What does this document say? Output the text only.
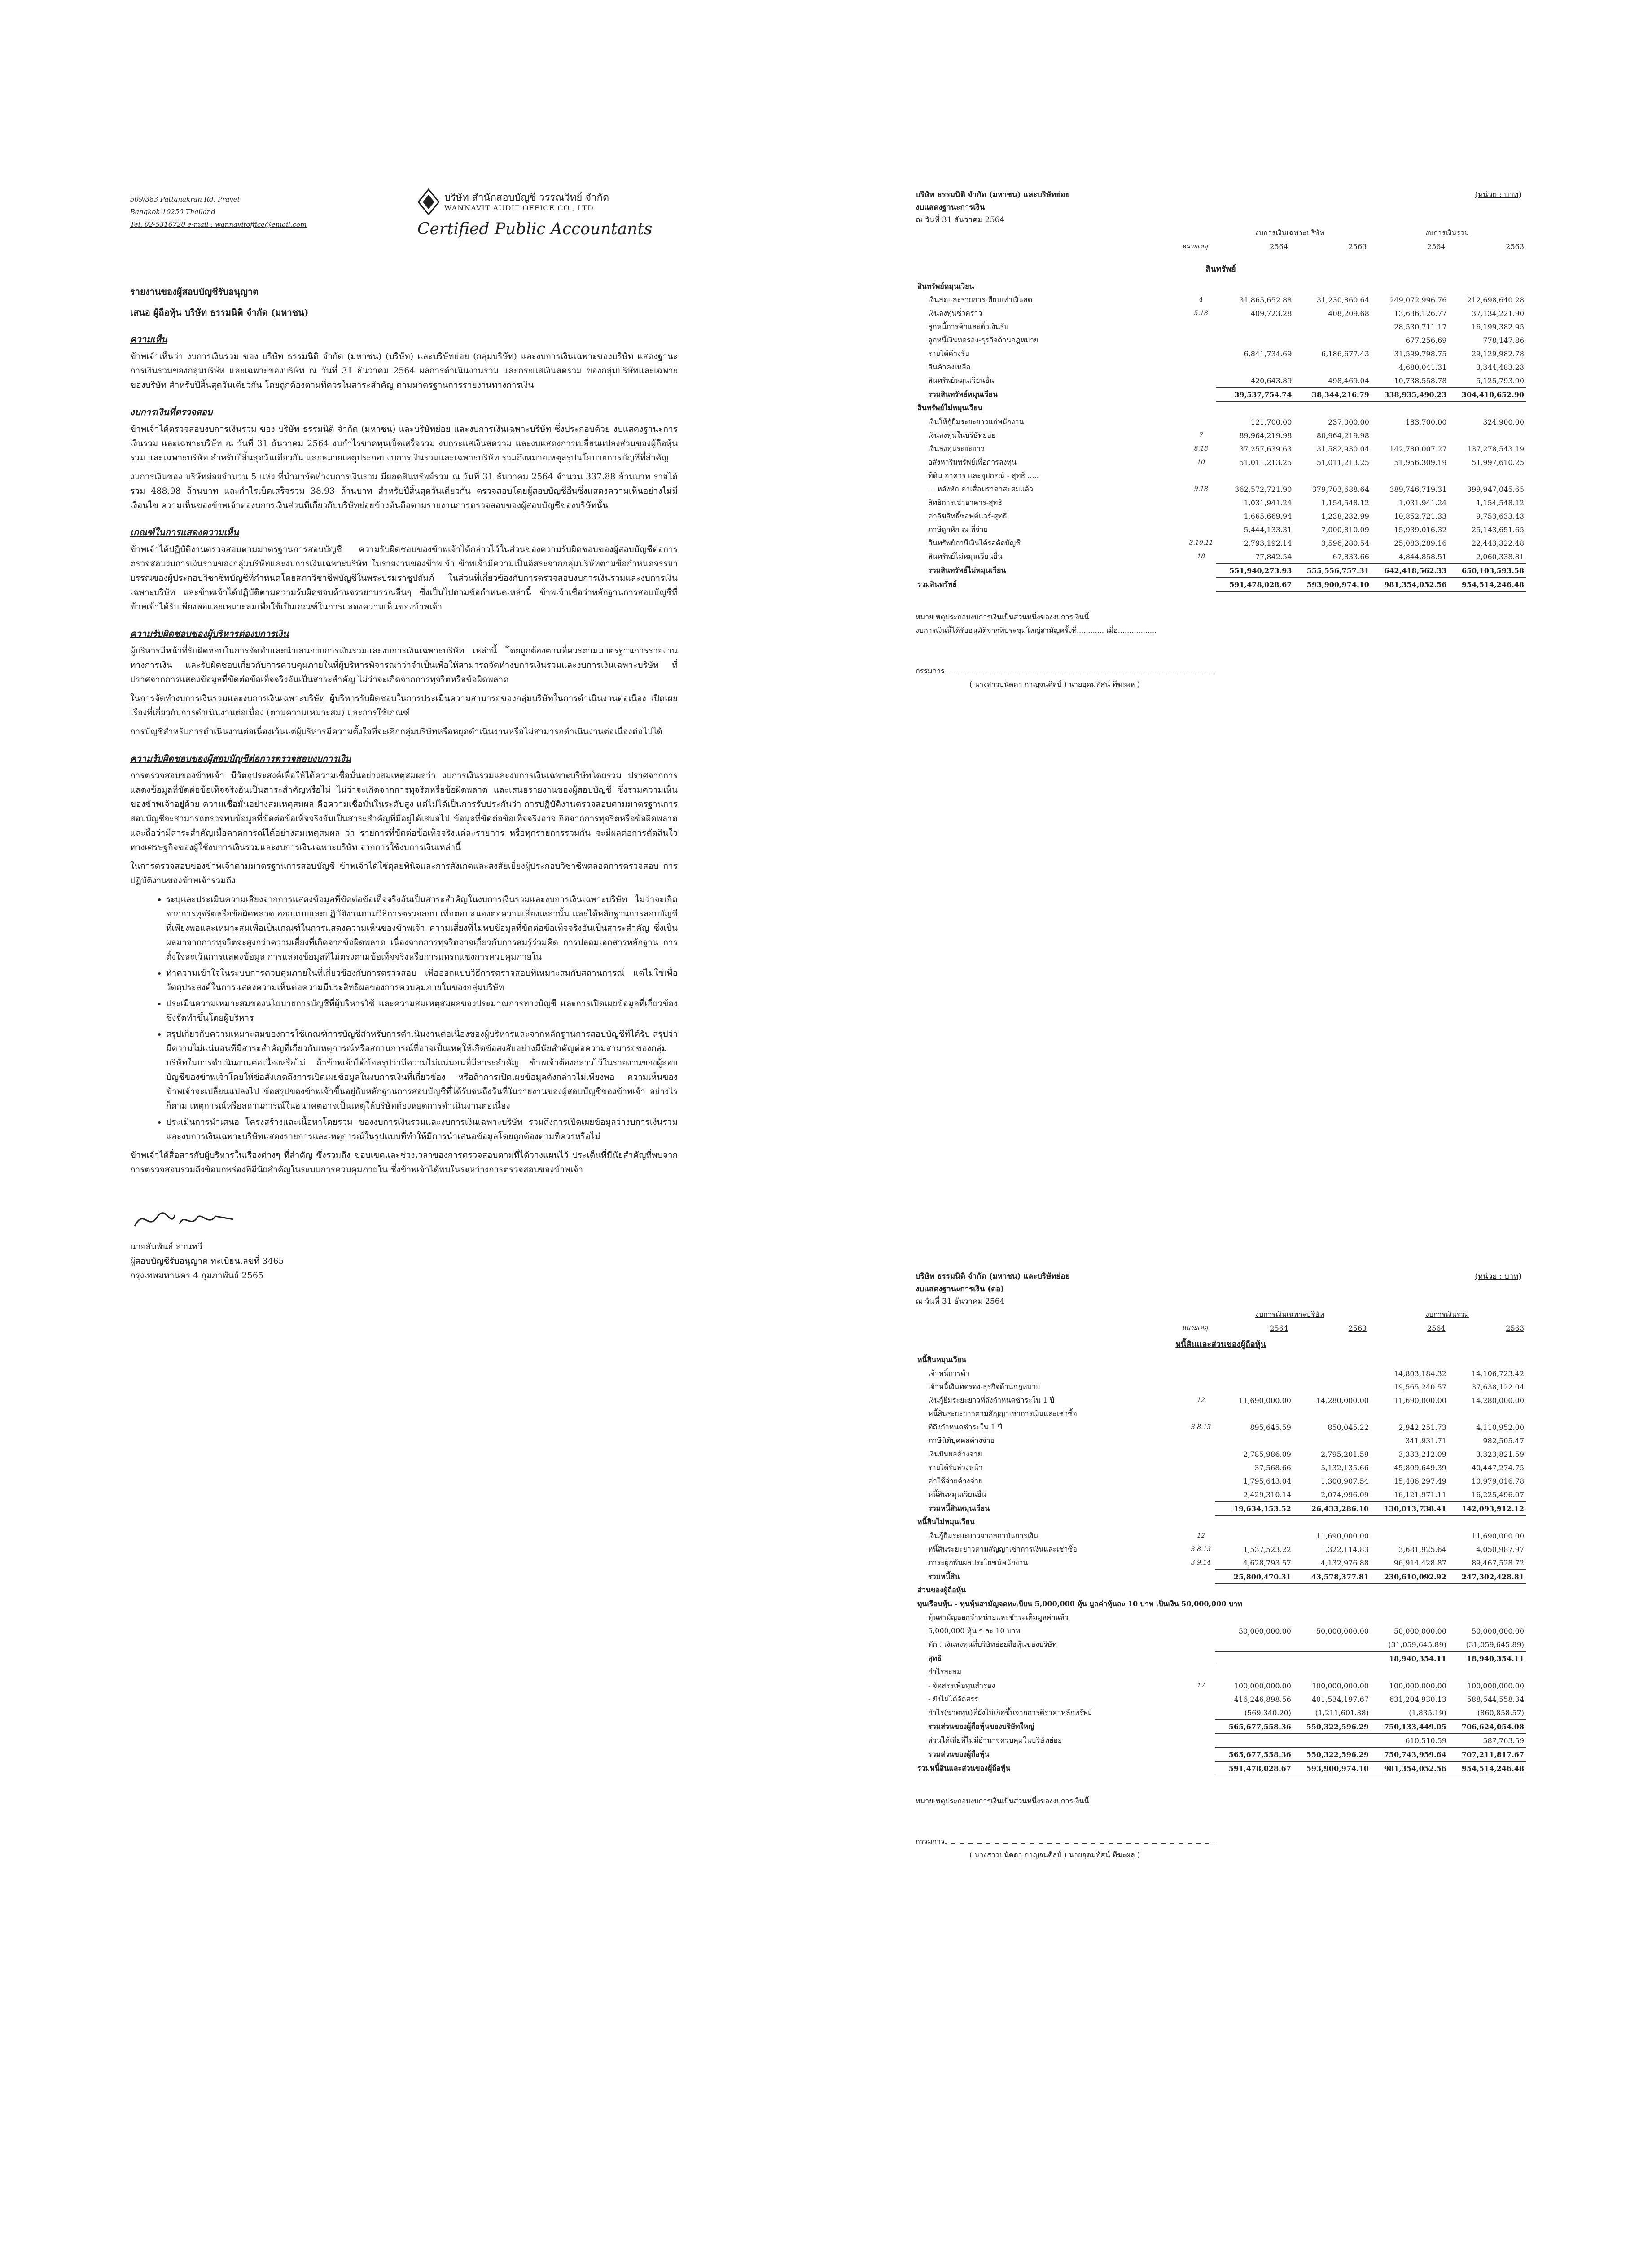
509/383 Pattanakran Rd. Pravet
Bangkok 10250 Thailand
Tel. 02-5316720 e-mail : wannavitoffice@email.com
บริษัท สำนักสอบบัญชี วรรณวิทย์ จำกัด
WANNAVIT AUDIT OFFICE CO., LTD.
Certified Public Accountants
รายงานของผู้สอบบัญชีรับอนุญาต
เสนอ ผู้ถือหุ้น บริษัท ธรรมนิติ จำกัด (มหาชน)
ความเห็น

ข้าพเจ้าเห็นว่า งบการเงินรวม ของ บริษัท ธรรมนิติ จำกัด (มหาชน) (บริษัท) และบริษัทย่อย (กลุ่มบริษัท) และงบการเงินเฉพาะของบริษัท แสดงฐานะการเงินรวมของกลุ่มบริษัท และเฉพาะของบริษัท ณ วันที่ 31 ธันวาคม 2564 ผลการดำเนินงานรวม และกระแสเงินสดรวม ของกลุ่มบริษัทและเฉพาะของบริษัท สำหรับปีสิ้นสุดวันเดียวกัน โดยถูกต้องตามที่ควรในสาระสำคัญ ตามมาตรฐานการรายงานทางการเงิน

งบการเงินที่ตรวจสอบ

ข้าพเจ้าได้ตรวจสอบงบการเงินรวม ของ บริษัท ธรรมนิติ จำกัด (มหาชน) และบริษัทย่อย และงบการเงินเฉพาะบริษัท ซึ่งประกอบด้วย งบแสดงฐานะการเงินรวม และเฉพาะบริษัท ณ วันที่ 31 ธันวาคม 2564 งบกำไรขาดทุนเบ็ดเสร็จรวม งบกระแสเงินสดรวม และงบแสดงการเปลี่ยนแปลงส่วนของผู้ถือหุ้นรวม และเฉพาะบริษัท สำหรับปีสิ้นสุดวันเดียวกัน และหมายเหตุประกอบงบการเงินรวมและเฉพาะบริษัท รวมถึงหมายเหตุสรุปนโยบายการบัญชีที่สำคัญ

งบการเงินของ บริษัทย่อยจำนวน 5 แห่ง ที่นำมาจัดทำงบการเงินรวม มียอดสินทรัพย์รวม ณ วันที่ 31 ธันวาคม 2564 จำนวน 337.88 ล้านบาท รายได้รวม 488.98 ล้านบาท และกำไรเบ็ดเสร็จรวม 38.93 ล้านบาท สำหรับปีสิ้นสุดวันเดียวกัน ตรวจสอบโดยผู้สอบบัญชีอื่นซึ่งแสดงความเห็นอย่างไม่มีเงื่อนไข ความเห็นของข้าพเจ้าต่องบการเงินส่วนที่เกี่ยวกับบริษัทย่อยข้างต้นถือตามรายงานการตรวจสอบของผู้สอบบัญชีของบริษัทนั้น

เกณฑ์ในการแสดงความเห็น

ข้าพเจ้าได้ปฏิบัติงานตรวจสอบตามมาตรฐานการสอบบัญชี ความรับผิดชอบของข้าพเจ้าได้กล่าวไว้ในส่วนของความรับผิดชอบของผู้สอบบัญชีต่อการตรวจสอบงบการเงินรวมของกลุ่มบริษัทและงบการเงินเฉพาะบริษัท ในรายงานของข้าพเจ้า ข้าพเจ้ามีความเป็นอิสระจากกลุ่มบริษัทตามข้อกำหนดจรรยาบรรณของผู้ประกอบวิชาชีพบัญชีที่กำหนดโดยสภาวิชาชีพบัญชีในพระบรมราชูปถัมภ์ ในส่วนที่เกี่ยวข้องกับการตรวจสอบงบการเงินรวมและงบการเงินเฉพาะบริษัท และข้าพเจ้าได้ปฏิบัติตามความรับผิดชอบด้านจรรยาบรรณอื่นๆ ซึ่งเป็นไปตามข้อกำหนดเหล่านี้ ข้าพเจ้าเชื่อว่าหลักฐานการสอบบัญชีที่ข้าพเจ้าได้รับเพียงพอและเหมาะสมเพื่อใช้เป็นเกณฑ์ในการแสดงความเห็นของข้าพเจ้า

ความรับผิดชอบของผู้บริหารต่องบการเงิน

ผู้บริหารมีหน้าที่รับผิดชอบในการจัดทำและนำเสนองบการเงินรวมและงบการเงินเฉพาะบริษัท เหล่านี้ โดยถูกต้องตามที่ควรตามมาตรฐานการรายงานทางการเงิน และรับผิดชอบเกี่ยวกับการควบคุมภายในที่ผู้บริหารพิจารณาว่าจำเป็นเพื่อให้สามารถจัดทำงบการเงินรวมและงบการเงินเฉพาะบริษัท ที่ปราศจากการแสดงข้อมูลที่ขัดต่อข้อเท็จจริงอันเป็นสาระสำคัญ ไม่ว่าจะเกิดจากการทุจริตหรือข้อผิดพลาด

ในการจัดทำงบการเงินรวมและงบการเงินเฉพาะบริษัท ผู้บริหารรับผิดชอบในการประเมินความสามารถของกลุ่มบริษัทในการดำเนินงานต่อเนื่อง เปิดเผยเรื่องที่เกี่ยวกับการดำเนินงานต่อเนื่อง (ตามความเหมาะสม) และการใช้เกณฑ์

การบัญชีสำหรับการดำเนินงานต่อเนื่องเว้นแต่ผู้บริหารมีความตั้งใจที่จะเลิกกลุ่มบริษัทหรือหยุดดำเนินงานหรือไม่สามารถดำเนินงานต่อเนื่องต่อไปได้

ความรับผิดชอบของผู้สอบบัญชีต่อการตรวจสอบงบการเงิน

การตรวจสอบของข้าพเจ้า มีวัตถุประสงค์เพื่อให้ได้ความเชื่อมั่นอย่างสมเหตุสมผลว่า งบการเงินรวมและงบการเงินเฉพาะบริษัทโดยรวม ปราศจากการแสดงข้อมูลที่ขัดต่อข้อเท็จจริงอันเป็นสาระสำคัญหรือไม่ ไม่ว่าจะเกิดจากการทุจริตหรือข้อผิดพลาด และเสนอรายงานของผู้สอบบัญชี ซึ่งรวมความเห็นของข้าพเจ้าอยู่ด้วย ความเชื่อมั่นอย่างสมเหตุสมผล คือความเชื่อมั่นในระดับสูง แต่ไม่ได้เป็นการรับประกันว่า การปฏิบัติงานตรวจสอบตามมาตรฐานการสอบบัญชีจะสามารถตรวจพบข้อมูลที่ขัดต่อข้อเท็จจริงอันเป็นสาระสำคัญที่มีอยู่ได้เสมอไป ข้อมูลที่ขัดต่อข้อเท็จจริงอาจเกิดจากการทุจริตหรือข้อผิดพลาด และถือว่ามีสาระสำคัญเมื่อคาดการณ์ได้อย่างสมเหตุสมผล ว่า รายการที่ขัดต่อข้อเท็จจริงแต่ละรายการ หรือทุกรายการรวมกัน จะมีผลต่อการตัดสินใจทางเศรษฐกิจของผู้ใช้งบการเงินรวมและงบการเงินเฉพาะบริษัท จากการใช้งบการเงินเหล่านี้

ในการตรวจสอบของข้าพเจ้าตามมาตรฐานการสอบบัญชี ข้าพเจ้าได้ใช้ดุลยพินิจและการสังเกตและสงสัยเยี่ยงผู้ประกอบวิชาชีพตลอดการตรวจสอบ การปฏิบัติงานของข้าพเจ้ารวมถึง

• ระบุและประเมินความเสี่ยงจากการแสดงข้อมูลที่ขัดต่อข้อเท็จจริงอันเป็นสาระสำคัญในงบการเงินรวมและงบการเงินเฉพาะบริษัท ไม่ว่าจะเกิดจากการทุจริตหรือข้อผิดพลาด ออกแบบและปฏิบัติงานตามวิธีการตรวจสอบ เพื่อตอบสนองต่อความเสี่ยงเหล่านั้น และได้หลักฐานการสอบบัญชีที่เพียงพอและเหมาะสมเพื่อเป็นเกณฑ์ในการแสดงความเห็นของข้าพเจ้า ความเสี่ยงที่ไม่พบข้อมูลที่ขัดต่อข้อเท็จจริงอันเป็นสาระสำคัญ ซึ่งเป็นผลมาจากการทุจริตจะสูงกว่าความเสี่ยงที่เกิดจากข้อผิดพลาด เนื่องจากการทุจริตอาจเกี่ยวกับการสมรู้ร่วมคิด การปลอมเอกสารหลักฐาน การตั้งใจละเว้นการแสดงข้อมูล การแสดงข้อมูลที่ไม่ตรงตามข้อเท็จจริงหรือการแทรกแซงการควบคุมภายใน
• ทำความเข้าใจในระบบการควบคุมภายในที่เกี่ยวข้องกับการตรวจสอบ เพื่อออกแบบวิธีการตรวจสอบที่เหมาะสมกับสถานการณ์ แต่ไม่ใช่เพื่อวัตถุประสงค์ในการแสดงความเห็นต่อความมีประสิทธิผลของการควบคุมภายในของกลุ่มบริษัท
• ประเมินความเหมาะสมของนโยบายการบัญชีที่ผู้บริหารใช้ และความสมเหตุสมผลของประมาณการทางบัญชี และการเปิดเผยข้อมูลที่เกี่ยวข้องซึ่งจัดทำขึ้นโดยผู้บริหาร
• สรุปเกี่ยวกับความเหมาะสมของการใช้เกณฑ์การบัญชีสำหรับการดำเนินงานต่อเนื่องของผู้บริหารและจากหลักฐานการสอบบัญชีที่ได้รับ สรุปว่ามีความไม่แน่นอนที่มีสาระสำคัญที่เกี่ยวกับเหตุการณ์หรือสถานการณ์ที่อาจเป็นเหตุให้เกิดข้อสงสัยอย่างมีนัยสำคัญต่อความสามารถของกลุ่มบริษัทในการดำเนินงานต่อเนื่องหรือไม่ ถ้าข้าพเจ้าได้ข้อสรุปว่ามีความไม่แน่นอนที่มีสาระสำคัญ ข้าพเจ้าต้องกล่าวไว้ในรายงานของผู้สอบบัญชีของข้าพเจ้าโดยให้ข้อสังเกตถึงการเปิดเผยข้อมูลในงบการเงินที่เกี่ยวข้อง หรือถ้าการเปิดเผยข้อมูลดังกล่าวไม่เพียงพอ ความเห็นของข้าพเจ้าจะเปลี่ยนแปลงไป ข้อสรุปของข้าพเจ้าขึ้นอยู่กับหลักฐานการสอบบัญชีที่ได้รับจนถึงวันที่ในรายงานของผู้สอบบัญชีของข้าพเจ้า อย่างไรก็ตาม เหตุการณ์หรือสถานการณ์ในอนาคตอาจเป็นเหตุให้บริษัทต้องหยุดการดำเนินงานต่อเนื่อง
• ประเมินการนำเสนอ โครงสร้างและเนื้อหาโดยรวม ของงบการเงินรวมและงบการเงินเฉพาะบริษัท รวมถึงการเปิดเผยข้อมูลว่างบการเงินรวมและงบการเงินเฉพาะบริษัทแสดงรายการและเหตุการณ์ในรูปแบบที่ทำให้มีการนำเสนอข้อมูลโดยถูกต้องตามที่ควรหรือไม่

ข้าพเจ้าได้สื่อสารกับผู้บริหารในเรื่องต่างๆ ที่สำคัญ ซึ่งรวมถึง ขอบเขตและช่วงเวลาของการตรวจสอบตามที่ได้วางแผนไว้ ประเด็นที่มีนัยสำคัญที่พบจากการตรวจสอบรวมถึงข้อบกพร่องที่มีนัยสำคัญในระบบการควบคุมภายใน ซึ่งข้าพเจ้าได้พบในระหว่างการตรวจสอบของข้าพเจ้า

นายสัมพันธ์ สวนทวี
ผู้สอบบัญชีรับอนุญาต ทะเบียนเลขที่ 3465
กรุงเทพมหานคร 4 กุมภาพันธ์ 2565
บริษัท ธรรมนิติ จำกัด (มหาชน) และบริษัทย่อย
งบแสดงฐานะการเงิน
ณ วันที่ 31 ธันวาคม 2564
(หน่วย : บาท)
		งบการเงินเฉพาะบริษัท		งบการเงินรวม	
	หมายเหตุ	2564	2563	2564	2563
สินทรัพย์
สินทรัพย์หมุนเวียน					
เงินสดและรายการเทียบเท่าเงินสด	4	31,865,652.88	31,230,860.64	249,072,996.76	212,698,640.28
เงินลงทุนชั่วคราว	5.18	409,723.28	408,209.68	13,636,126.77	37,134,221.90
ลูกหนี้การค้าและตั๋วเงินรับ				28,530,711.17	16,199,382.95
ลูกหนี้เงินทดรอง-ธุรกิจด้านกฎหมาย				677,256.69	778,147.86
รายได้ค้างรับ		6,841,734.69	6,186,677.43	31,599,798.75	29,129,982.78
สินค้าคงเหลือ				4,680,041.31	3,344,483.23
สินทรัพย์หมุนเวียนอื่น		420,643.89	498,469.04	10,738,558.78	5,125,793.90
รวมสินทรัพย์หมุนเวียน		39,537,754.74	38,344,216.79	338,935,490.23	304,410,652.90
สินทรัพย์ไม่หมุนเวียน					
เงินให้กู้ยืมระยะยาวแก่พนักงาน		121,700.00	237,000.00	183,700.00	324,900.00
เงินลงทุนในบริษัทย่อย	7	89,964,219.98	80,964,219.98		
เงินลงทุนระยะยาว	8.18	37,257,639.63	31,582,930.04	142,780,007.27	137,278,543.19
อสังหาริมทรัพย์เพื่อการลงทุน	10	51,011,213.25	51,011,213.25	51,956,309.19	51,997,610.25
ที่ดิน อาคาร และอุปกรณ์ - สุทธิ .....					
....หลังหัก ค่าเสื่อมราคาสะสมแล้ว	9.18	362,572,721.90	379,703,688.64	389,746,719.31	399,947,045.65
สิทธิการเช่าอาคาร-สุทธิ		1,031,941.24	1,154,548.12	1,031,941.24	1,154,548.12
ค่าลิขสิทธิ์ซอฟต์แวร์-สุทธิ		1,665,669.94	1,238,232.99	10,852,721.33	9,753,633.43
ภาษีถูกหัก ณ ที่จ่าย		5,444,133.31	7,000,810.09	15,939,016.32	25,143,651.65
สินทรัพย์ภาษีเงินได้รอตัดบัญชี	3.10.11	2,793,192.14	3,596,280.54	25,083,289.16	22,443,322.48
สินทรัพย์ไม่หมุนเวียนอื่น	18	77,842.54	67,833.66	4,844,858.51	2,060,338.81
รวมสินทรัพย์ไม่หมุนเวียน		551,940,273.93	555,556,757.31	642,418,562.33	650,103,593.58
รวมสินทรัพย์		591,478,028.67	593,900,974.10	981,354,052.56	954,514,246.48
หมายเหตุประกอบงบการเงินเป็นส่วนหนึ่งของงบการเงินนี้
งบการเงินนี้ได้รับอนุมัติจากที่ประชุมใหญ่สามัญครั้งที่............ เมื่อ.................
กรรมการ
( นางสาวปนัดดา กาญจนศิลป์ ) นายอุดมทัศน์ ทีฆะผล )
บริษัท ธรรมนิติ จำกัด (มหาชน) และบริษัทย่อย
งบแสดงฐานะการเงิน (ต่อ)
ณ วันที่ 31 ธันวาคม 2564
(หน่วย : บาท)
		งบการเงินเฉพาะบริษัท		งบการเงินรวม	
	หมายเหตุ	2564	2563	2564	2563
หนี้สินและส่วนของผู้ถือหุ้น
หนี้สินหมุนเวียน					
เจ้าหนี้การค้า				14,803,184.32	14,106,723.42
เจ้าหนี้เงินทดรอง-ธุรกิจด้านกฎหมาย				19,565,240.57	37,638,122.04
เงินกู้ยืมระยะยาวที่ถึงกำหนดชำระใน 1 ปี	12	11,690,000.00	14,280,000.00	11,690,000.00	14,280,000.00
หนี้สินระยะยาวตามสัญญาเช่าการเงินและเช่าซื้อ					
ที่ถึงกำหนดชำระใน 1 ปี	3.8.13	895,645.59	850,045.22	2,942,251.73	4,110,952.00
ภาษีนิติบุคคลค้างจ่าย				341,931.71	982,505.47
เงินปันผลค้างจ่าย		2,785,986.09	2,795,201.59	3,333,212.09	3,323,821.59
รายได้รับล่วงหน้า		37,568.66	5,132,135.66	45,809,649.39	40,447,274.75
ค่าใช้จ่ายค้างจ่าย		1,795,643.04	1,300,907.54	15,406,297.49	10,979,016.78
หนี้สินหมุนเวียนอื่น		2,429,310.14	2,074,996.09	16,121,971.11	16,225,496.07
รวมหนี้สินหมุนเวียน		19,634,153.52	26,433,286.10	130,013,738.41	142,093,912.12
หนี้สินไม่หมุนเวียน					
เงินกู้ยืมระยะยาวจากสถาบันการเงิน	12		11,690,000.00		11,690,000.00
หนี้สินระยะยาวตามสัญญาเช่าการเงินและเช่าซื้อ	3.8.13	1,537,523.22	1,322,114.83	3,681,925.64	4,050,987.97
ภาระผูกพันผลประโยชน์พนักงาน	3.9.14	4,628,793.57	4,132,976.88	96,914,428.87	89,467,528.72
รวมหนี้สิน		25,800,470.31	43,578,377.81	230,610,092.92	247,302,428.81
ส่วนของผู้ถือหุ้น					
ทุนเรือนหุ้น - ทุนหุ้นสามัญจดทะเบียน 5,000,000 หุ้น มูลค่าหุ้นละ 10 บาท เป็นเงิน 50,000,000 บาท					
หุ้นสามัญออกจำหน่ายและชำระเต็มมูลค่าแล้ว					
5,000,000 หุ้น ๆ ละ 10 บาท		50,000,000.00	50,000,000.00	50,000,000.00	50,000,000.00
หัก : เงินลงทุนที่บริษัทย่อยถือหุ้นของบริษัท				(31,059,645.89)	(31,059,645.89)
สุทธิ				18,940,354.11	18,940,354.11
กำไรสะสม					
- จัดสรรเพื่อทุนสำรอง	17	100,000,000.00	100,000,000.00	100,000,000.00	100,000,000.00
- ยังไม่ได้จัดสรร		416,246,898.56	401,534,197.67	631,204,930.13	588,544,558.34
กำไร(ขาดทุน)ที่ยังไม่เกิดขึ้นจากการตีราคาหลักทรัพย์		(569,340.20)	(1,211,601.38)	(1,835.19)	(860,858.57)
รวมส่วนของผู้ถือหุ้นของบริษัทใหญ่		565,677,558.36	550,322,596.29	750,133,449.05	706,624,054.08
ส่วนได้เสียที่ไม่มีอำนาจควบคุมในบริษัทย่อย				610,510.59	587,763.59
รวมส่วนของผู้ถือหุ้น		565,677,558.36	550,322,596.29	750,743,959.64	707,211,817.67
รวมหนี้สินและส่วนของผู้ถือหุ้น		591,478,028.67	593,900,974.10	981,354,052.56	954,514,246.48
หมายเหตุประกอบงบการเงินเป็นส่วนหนึ่งของงบการเงินนี้
กรรมการ
( นางสาวปนัดดา กาญจนศิลป์ ) นายอุดมทัศน์ ทีฆะผล )
